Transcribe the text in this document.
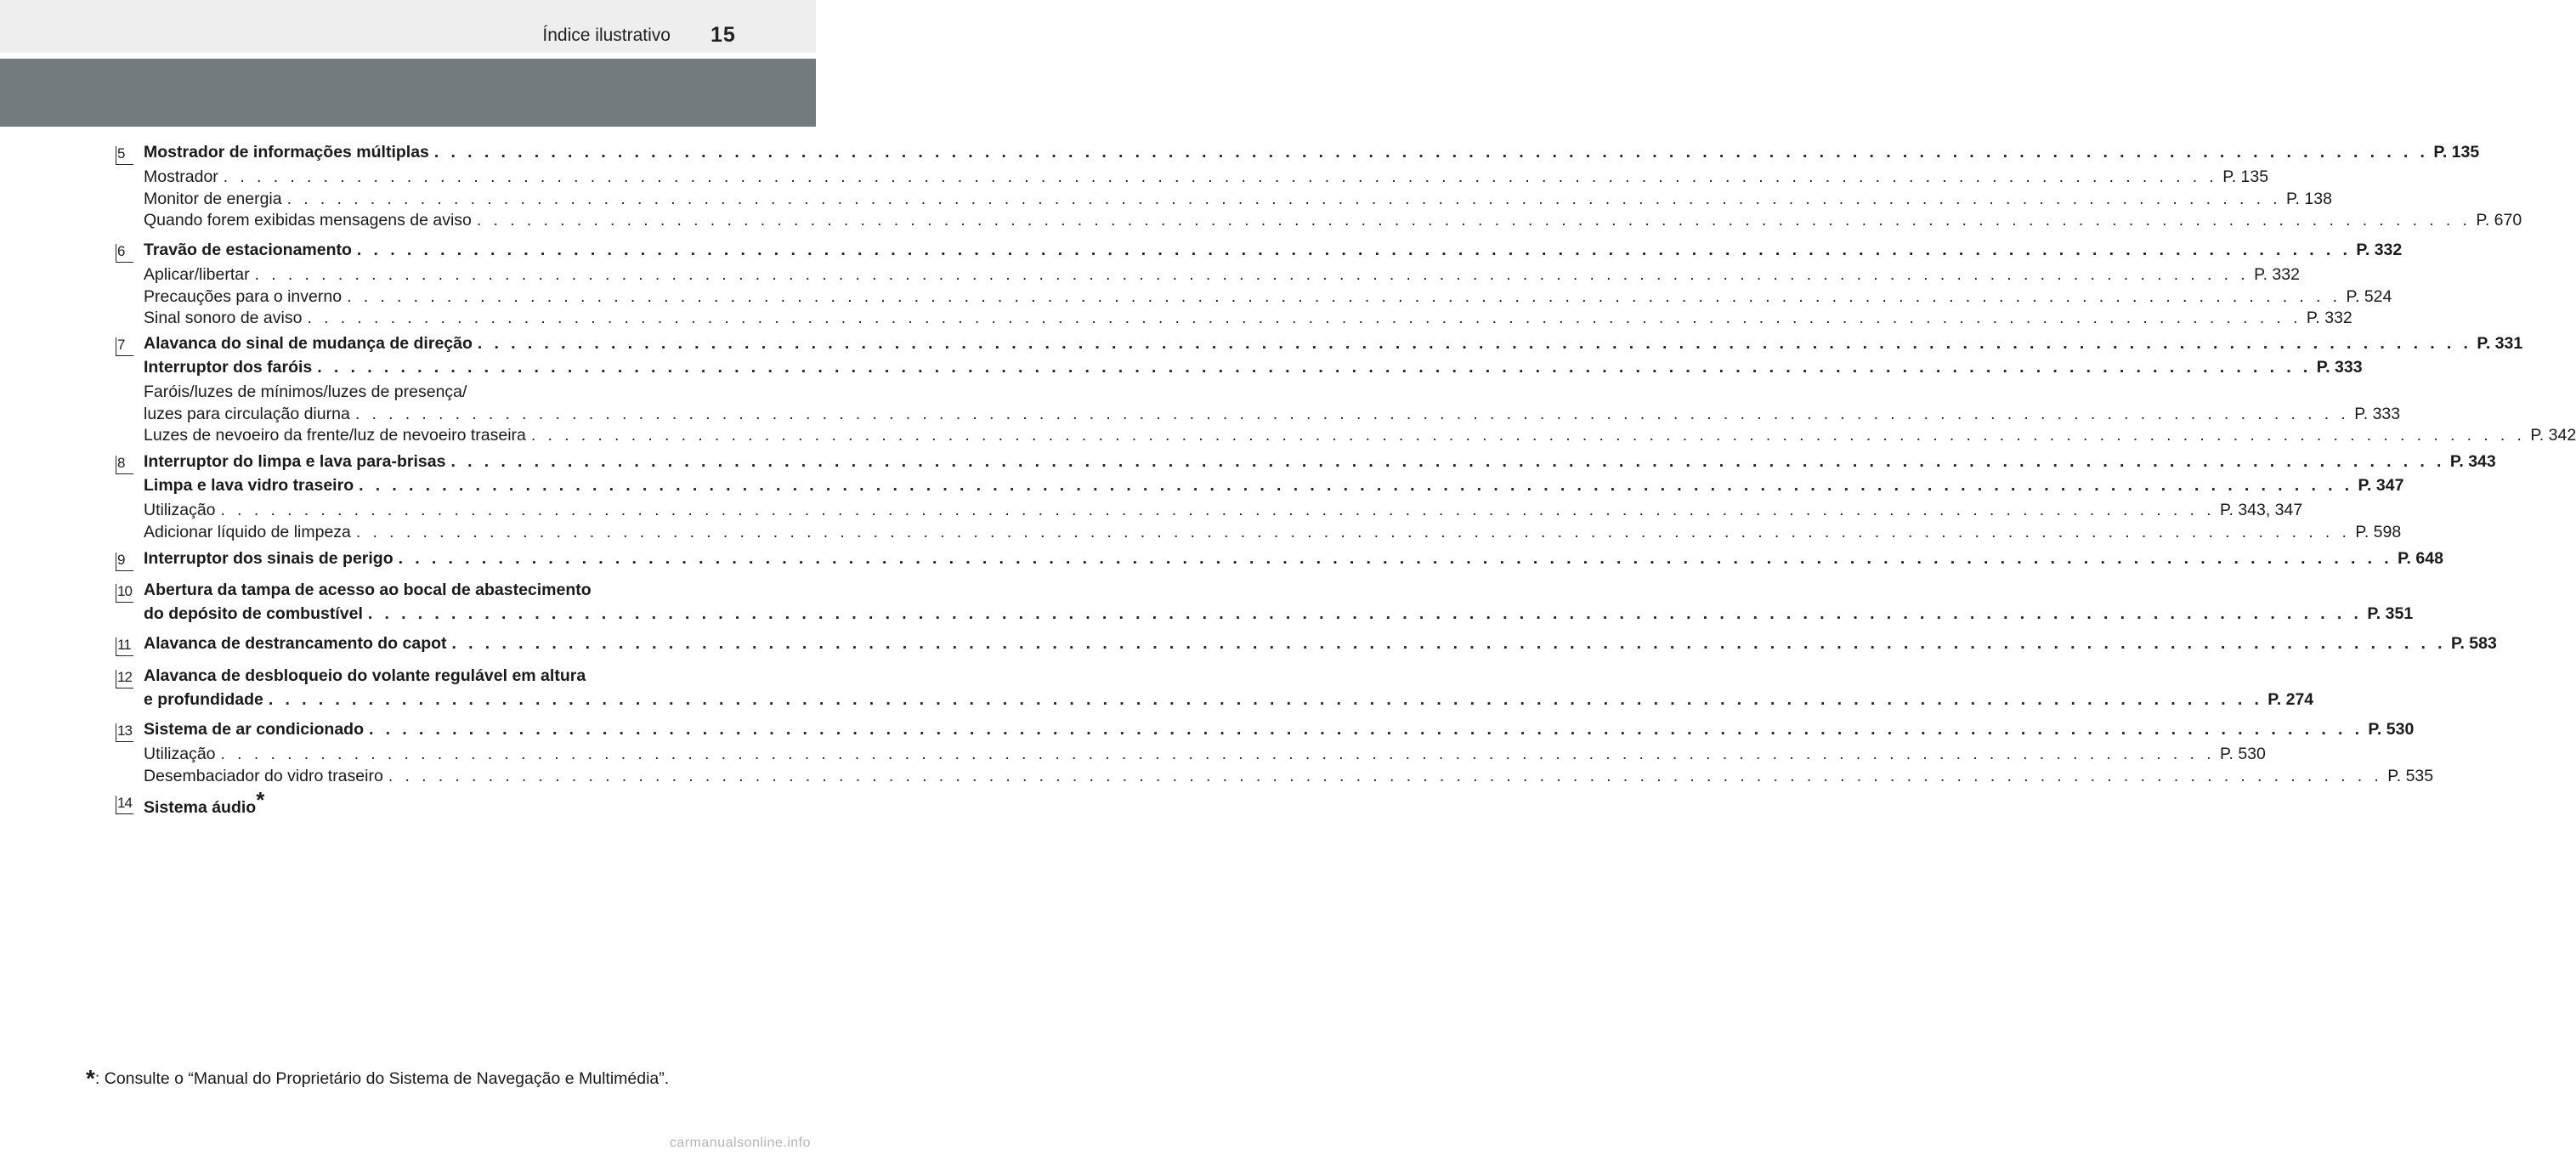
Índice ilustrativo 15
5 Mostrador de informações múltiplas . . . . . . . . . . . . . . . . . . . . . . . . . . . . . . . . . . . . . . . . . . . . . . . . . . . . . . . . . . . . . . . . . . . . . . . . . . . . . . . . . . . . . . . . . . . . . . . . . . . . . . . . . . . . . . . . . . . . . . . . P. 135
Mostrador . . . . . . . . . . . . . . . . . . . . . . . . . . . . . . . . . . . . . . . . . . . . . . . . . . . . . . . . . . . . . . . . . . . . . . . . . . . . . . . . . . . . . . . . . . . . . . . . . . . . . . . . . . . . . . . . . . . . . . . . P. 135
Monitor de energia . . . . . . . . . . . . . . . . . . . . . . . . . . . . . . . . . . . . . . . . . . . . . . . . . . . . . . . . . . . . . . . . . . . . . . . . . . . . . . . . . . . . . . . . . . . . . . . . . . . . . . . . . . . . . . . . . . . . . . . . P. 138
Quando forem exibidas mensagens de aviso . . . . . . . . . . . . . . . . . . . . . . . . . . . . . . . . . . . . . . . . . . . . . . . . . . . . . . . . . . . . . . . . . . . . . . . . . . . . . . . . . . . . . . . . . . . . . . . . . . . . . . . . . . . . . . . . . . . . . . . . P. 670
6 Travão de estacionamento . . . . . . . . . . . . . . . . . . . . . . . . . . . . . . . . . . . . . . . . . . . . . . . . . . . . . . . . . . . . . . . . . . . . . . . . . . . . . . . . . . . . . . . . . . . . . . . . . . . . . . . . . . . . . . . . . . . . . . . . P. 332
Aplicar/libertar . . . . . . . . . . . . . . . . . . . . . . . . . . . . . . . . . . . . . . . . . . . . . . . . . . . . . . . . . . . . . . . . . . . . . . . . . . . . . . . . . . . . . . . . . . . . . . . . . . . . . . . . . . . . . . . . . . . . . . . . P. 332
Precauções para o inverno . . . . . . . . . . . . . . . . . . . . . . . . . . . . . . . . . . . . . . . . . . . . . . . . . . . . . . . . . . . . . . . . . . . . . . . . . . . . . . . . . . . . . . . . . . . . . . . . . . . . . . . . . . . . . . . . . . . . . . . . P. 524
Sinal sonoro de aviso . . . . . . . . . . . . . . . . . . . . . . . . . . . . . . . . . . . . . . . . . . . . . . . . . . . . . . . . . . . . . . . . . . . . . . . . . . . . . . . . . . . . . . . . . . . . . . . . . . . . . . . . . . . . . . . . . . . . . . . . P. 332
7 Alavanca do sinal de mudança de direção . . . . . . . . . . . . . . . . . . . . . . . . . . . . . . . . . . . . . . . . . . . . . . . . . . . . . . . . . . . . . . . . . . . . . . . . . . . . . . . . . . . . . . . . . . . . . . . . . . . . . . . . . . . . . . . . . . . . . . . . P. 331
Interruptor dos faróis . . . . . . . . . . . . . . . . . . . . . . . . . . . . . . . . . . . . . . . . . . . . . . . . . . . . . . . . . . . . . . . . . . . . . . . . . . . . . . . . . . . . . . . . . . . . . . . . . . . . . . . . . . . . . . . . . . . . . . . . P. 333
Faróis/luzes de mínimos/luzes de presença/
luzes para circulação diurna . . . . . . . . . . . . . . . . . . . . . . . . . . . . . . . . . . . . . . . . . . . . . . . . . . . . . . . . . . . . . . . . . . . . . . . . . . . . . . . . . . . . . . . . . . . . . . . . . . . . . . . . . . . . . . . . . . . . . . . . P. 333
Luzes de nevoeiro da frente/luz de nevoeiro traseira . . . . . . . . . . . . . . . . . . . . . . . . . . . . . . . . . . . . . . . . . . . . . . . . . . . . . . . . . . . . . . . . . . . . . . . . . . . . . . . . . . . . . . . . . . . . . . . . . . . . . . . . . . . . . . . . . . . . . . . . P. 342
8 Interruptor do limpa e lava para-brisas . . . . . . . . . . . . . . . . . . . . . . . . . . . . . . . . . . . . . . . . . . . . . . . . . . . . . . . . . . . . . . . . . . . . . . . . . . . . . . . . . . . . . . . . . . . . . . . . . . . . . . . . . . . . . . . . . . . . . . . . P. 343
Limpa e lava vidro traseiro . . . . . . . . . . . . . . . . . . . . . . . . . . . . . . . . . . . . . . . . . . . . . . . . . . . . . . . . . . . . . . . . . . . . . . . . . . . . . . . . . . . . . . . . . . . . . . . . . . . . . . . . . . . . . . . . . . . . . . . . P. 347
Utilização . . . . . . . . . . . . . . . . . . . . . . . . . . . . . . . . . . . . . . . . . . . . . . . . . . . . . . . . . . . . . . . . . . . . . . . . . . . . . . . . . . . . . . . . . . . . . . . . . . . . . . . . . . . . . . . . . . . . . . . . P. 343, 347
Adicionar líquido de limpeza . . . . . . . . . . . . . . . . . . . . . . . . . . . . . . . . . . . . . . . . . . . . . . . . . . . . . . . . . . . . . . . . . . . . . . . . . . . . . . . . . . . . . . . . . . . . . . . . . . . . . . . . . . . . . . . . . . . . . . . . P. 598
9 Interruptor dos sinais de perigo . . . . . . . . . . . . . . . . . . . . . . . . . . . . . . . . . . . . . . . . . . . . . . . . . . . . . . . . . . . . . . . . . . . . . . . . . . . . . . . . . . . . . . . . . . . . . . . . . . . . . . . . . . . . . . . . . . . . . . . . P. 648
10 Abertura da tampa de acesso ao bocal de abastecimento
do depósito de combustível . . . . . . . . . . . . . . . . . . . . . . . . . . . . . . . . . . . . . . . . . . . . . . . . . . . . . . . . . . . . . . . . . . . . . . . . . . . . . . . . . . . . . . . . . . . . . . . . . . . . . . . . . . . . . . . . . . . . . . . . P. 351
11 Alavanca de destrancamento do capot . . . . . . . . . . . . . . . . . . . . . . . . . . . . . . . . . . . . . . . . . . . . . . . . . . . . . . . . . . . . . . . . . . . . . . . . . . . . . . . . . . . . . . . . . . . . . . . . . . . . . . . . . . . . . . . . . . . . . . . . P. 583
12 Alavanca de desbloqueio do volante regulável em altura
e profundidade . . . . . . . . . . . . . . . . . . . . . . . . . . . . . . . . . . . . . . . . . . . . . . . . . . . . . . . . . . . . . . . . . . . . . . . . . . . . . . . . . . . . . . . . . . . . . . . . . . . . . . . . . . . . . . . . . . . . . . . . P. 274
13 Sistema de ar condicionado . . . . . . . . . . . . . . . . . . . . . . . . . . . . . . . . . . . . . . . . . . . . . . . . . . . . . . . . . . . . . . . . . . . . . . . . . . . . . . . . . . . . . . . . . . . . . . . . . . . . . . . . . . . . . . . . . . . . . . . . P. 530
Utilização . . . . . . . . . . . . . . . . . . . . . . . . . . . . . . . . . . . . . . . . . . . . . . . . . . . . . . . . . . . . . . . . . . . . . . . . . . . . . . . . . . . . . . . . . . . . . . . . . . . . . . . . . . . . . . . . . . . . . . . . P. 530
Desembaciador do vidro traseiro . . . . . . . . . . . . . . . . . . . . . . . . . . . . . . . . . . . . . . . . . . . . . . . . . . . . . . . . . . . . . . . . . . . . . . . . . . . . . . . . . . . . . . . . . . . . . . . . . . . . . . . . . . . . . . . . . . . . . . . . P. 535
14 Sistema áudio *
*: Consulte o “Manual do Proprietário do Sistema de Navegação e Multimédia”.
carmanualsonline.info
